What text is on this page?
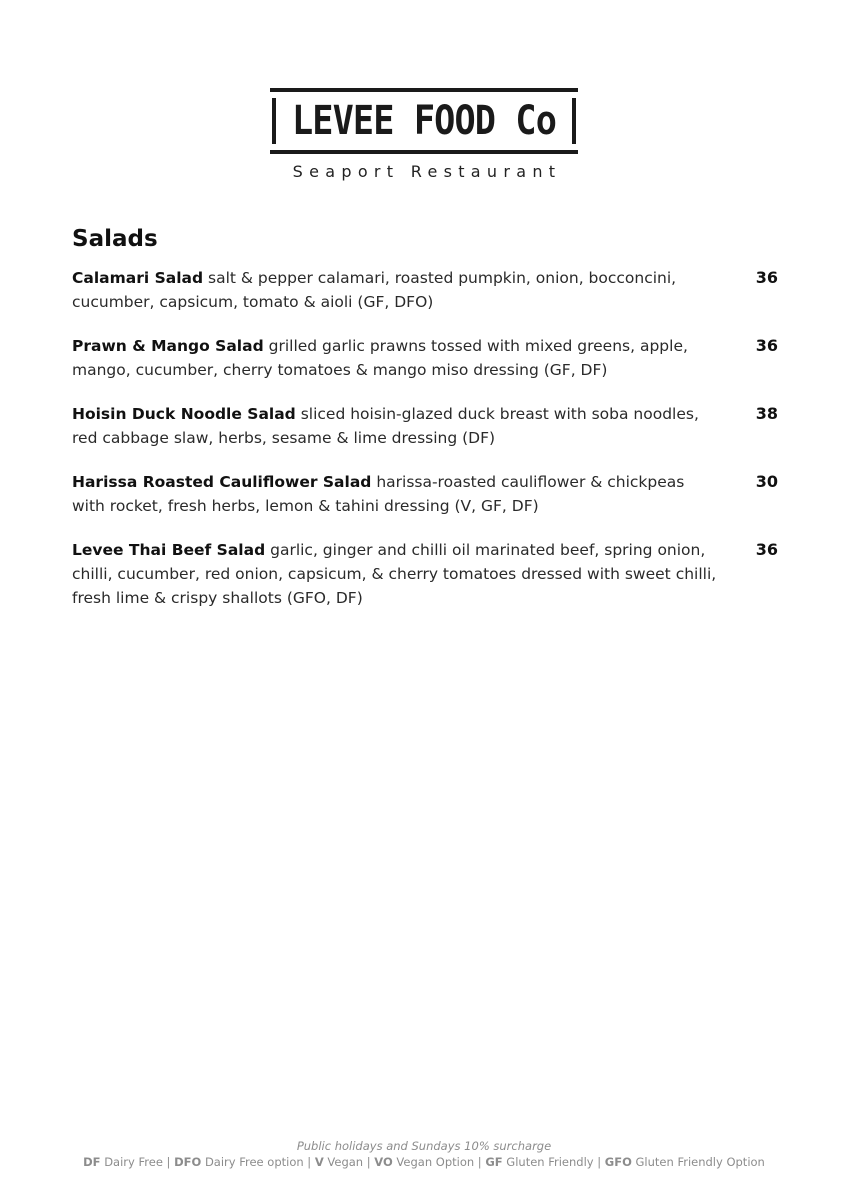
LEVEE FOOD Co
Seaport Restaurant
Salads
Calamari Salad salt & pepper calamari, roasted pumpkin, onion, bocconcini, cucumber, capsicum, tomato & aioli (GF, DFO)
36
Prawn & Mango Salad grilled garlic prawns tossed with mixed greens, apple, mango, cucumber, cherry tomatoes & mango miso dressing (GF, DF)
36
Hoisin Duck Noodle Salad sliced hoisin-glazed duck breast with soba noodles, red cabbage slaw, herbs, sesame & lime dressing (DF)
38
Harissa Roasted Cauliflower Salad harissa-roasted cauliflower & chickpeas with rocket, fresh herbs, lemon & tahini dressing (V, GF, DF)
30
Levee Thai Beef Salad garlic, ginger and chilli oil marinated beef, spring onion, chilli, cucumber, red onion, capsicum, & cherry tomatoes dressed with sweet chilli, fresh lime & crispy shallots (GFO, DF)
36
Public holidays and Sundays 10% surcharge
DF Dairy Free | DFO Dairy Free option | V Vegan | VO Vegan Option | GF Gluten Friendly | GFO Gluten Friendly Option
